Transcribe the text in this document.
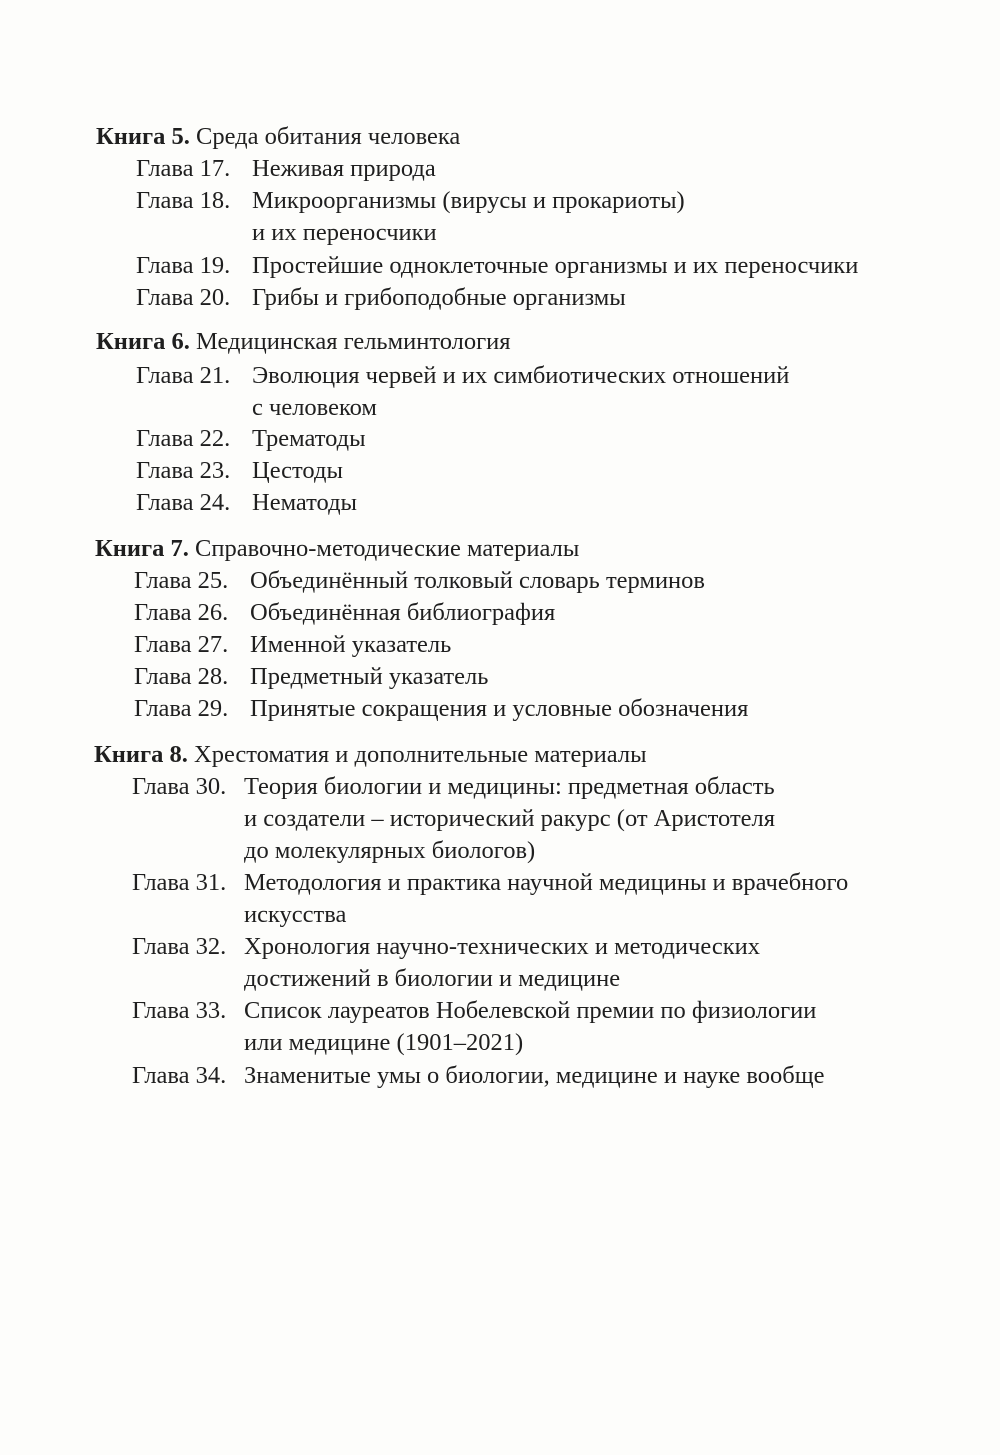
Книга 5. Среда обитания человека
Глава 17. Неживая природа
Глава 18. Микроорганизмы (вирусы и прокариоты)
и их переносчики
Глава 19. Простейшие одноклеточные организмы и их переносчики
Глава 20. Грибы и грибоподобные организмы
Книга 6. Медицинская гельминтология
Глава 21. Эволюция червей и их симбиотических отношений
с человеком
Глава 22. Трематоды
Глава 23. Цестоды
Глава 24. Нематоды
Книга 7. Справочно-методические материалы
Глава 25. Объединённый толковый словарь терминов
Глава 26. Объединённая библиография
Глава 27. Именной указатель
Глава 28. Предметный указатель
Глава 29. Принятые сокращения и условные обозначения
Книга 8. Хрестоматия и дополнительные материалы
Глава 30. Теория биологии и медицины: предметная область
и создатели – исторический ракурс (от Аристотеля
до молекулярных биологов)
Глава 31. Методология и практика научной медицины и врачебного
искусства
Глава 32. Хронология научно-технических и методических
достижений в биологии и медицине
Глава 33. Список лауреатов Нобелевской премии по физиологии
или медицине (1901–2021)
Глава 34. Знаменитые умы о биологии, медицине и науке вообще
